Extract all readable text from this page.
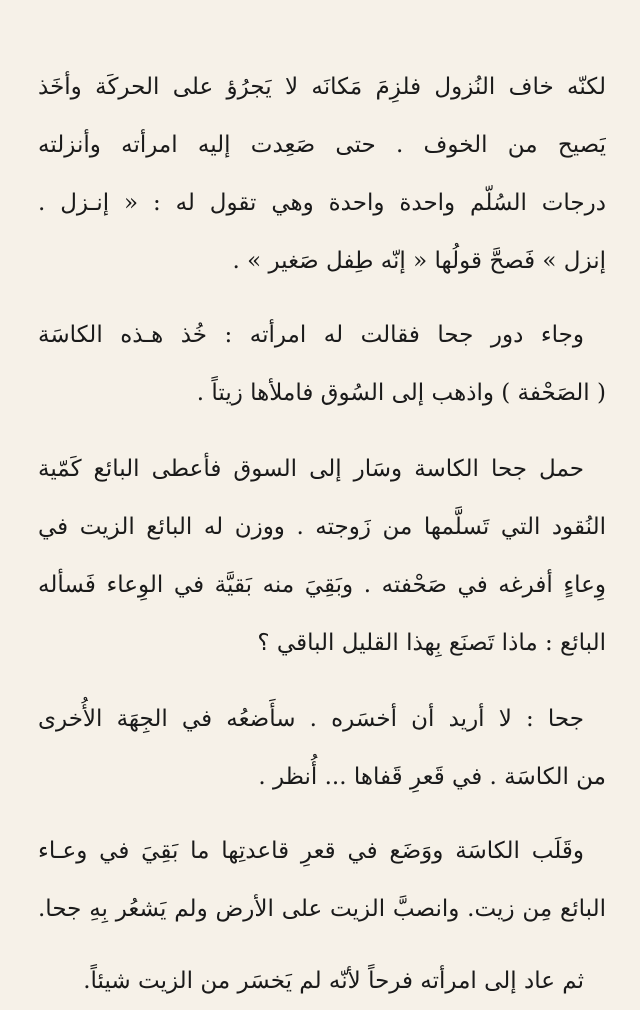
لكنّه خاف النُزول فلزِمَ مَكانَه لا يَجرُؤ على الحركَة وأخَذ
يَصيح من الخوف . حتى صَعِدت إليه امرأته وأنزلته
درجات السُلّم واحدة واحدة وهي تقول له : « إنـزل .
إنزل » فَصحَّ قولُها « إنّه طِفل صَغير » .
وجاء دور جحا فقالت له امرأته : خُذ هـذه الكاسَة
( الصَحْفة ) واذهب إلى السُوق فاملأها زيتاً .
حمل جحا الكاسة وسَار إلى السوق فأعطى البائع كَمّية
النُقود التي تَسلَّمها من زَوجته . ووزن له البائع الزيت في
وِعاءٍ أفرغه في صَحْفته . وبَقِيَ منه بَقيَّة في الوِعاء فَسأله
البائع : ماذا تَصنَع بِهذا القليل الباقي ؟
جحا : لا أريد أن أخسَره . سأَضعُه في الجِهَة الأُخرى
من الكاسَة . في قَعرِ قَفاها ... أُنظر .
وقَلَب الكاسَة ووَضَع في قعرِ قاعدتِها ما بَقِيَ في وعـاء
البائع مِن زيت. وانصبَّ الزيت على الأرض ولم يَشعُر بِهِ جحا.
ثم عاد إلى امرأته فرحاً لأنّه لم يَخسَر من الزيت شيئاً.
